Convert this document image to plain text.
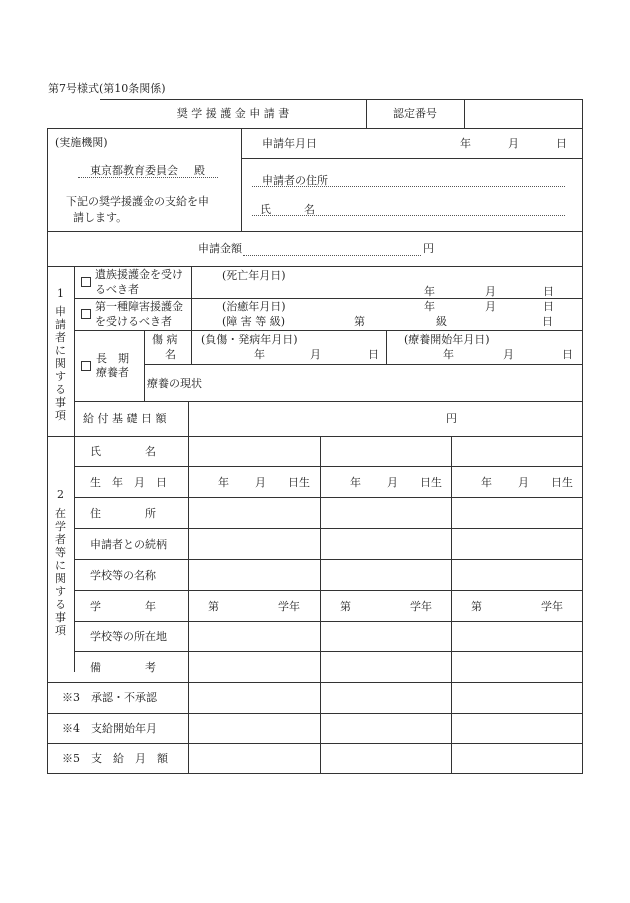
第7号様式(第10条関係)
奨 学 援 護 金 申 請 書	認定番号
(実施機関)
東京都教育委員会 殿
下記の奨学援護金の支給を申
請します。
申請年月日	年	月	日
申請者の住所
氏　　　名
申請金額	円
1
申請者に関する事項
遺族援護金を受け
るべき者
(死亡年月日)
年	月	日
第一種障害援護金
を受けるべき者
(治癒年月日)	年	月	日
(障 害 等 級)	第	級	日
長　期
療養者
傷 病
名
(負傷・発病年月日)
年	月	日
(療養開始年月日)
年	月	日
療養の現状
給 付 基 礎 日 額	円
2
在学者等に関する事項
氏　　　　名
生　年　月　日	年 月 日生	年 月 日生	年 月 日生
住　　　　所
申請者との続柄
学校等の名称
学　　　　年	第	学年	第	学年	第	学年
学校等の所在地
備　　　　考
※3　承認・不承認
※4　支給開始年月
※5　支　給　月　額
